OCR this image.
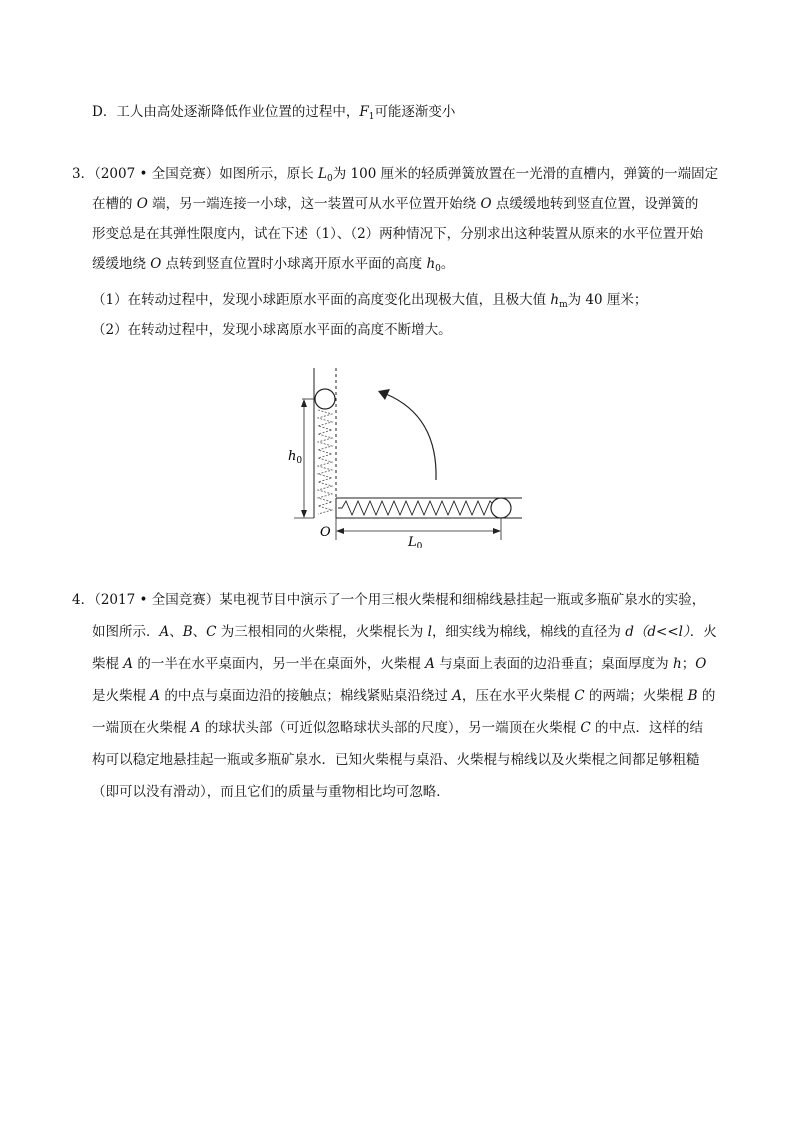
D．工人由高处逐渐降低作业位置的过程中，$F_1$可能逐渐变小
3．（2007 • 全国竞赛）如图所示，原长 $L_0$为 100 厘米的轻质弹簧放置在一光滑的直槽内，弹簧的一端固定
在槽的 O 端，另一端连接一小球，这一装置可从水平位置开始绕 O 点缓缓地转到竖直位置，设弹簧的
形变总是在其弹性限度内，试在下述（1）、（2）两种情况下，分别求出这种装置从原来的水平位置开始
缓缓地绕 O 点转到竖直位置时小球离开原水平面的高度 $h_0$。
（1）在转动过程中，发现小球距原水平面的高度变化出现极大值，且极大值 $h_m$为 40 厘米；
（2）在转动过程中，发现小球离原水平面的高度不断增大。
$h_0$
O
$L_0$
4．（2017 • 全国竞赛）某电视节目中演示了一个用三根火柴棍和细棉线悬挂起一瓶或多瓶矿泉水的实验，
如图所示．A、B、C 为三根相同的火柴棍，火柴棍长为 l，细实线为棉线，棉线的直径为 d（d<<l）．火
柴棍 A 的一半在水平桌面内，另一半在桌面外，火柴棍 A 与桌面上表面的边沿垂直；桌面厚度为 h；O
是火柴棍 A 的中点与桌面边沿的接触点；棉线紧贴桌沿绕过 A，压在水平火柴棍 C 的两端；火柴棍 B 的
一端顶在火柴棍 A 的球状头部（可近似忽略球状头部的尺度），另一端顶在火柴棍 C 的中点．这样的结
构可以稳定地悬挂起一瓶或多瓶矿泉水．已知火柴棍与桌沿、火柴棍与棉线以及火柴棍之间都足够粗糙
（即可以没有滑动），而且它们的质量与重物相比均可忽略．
